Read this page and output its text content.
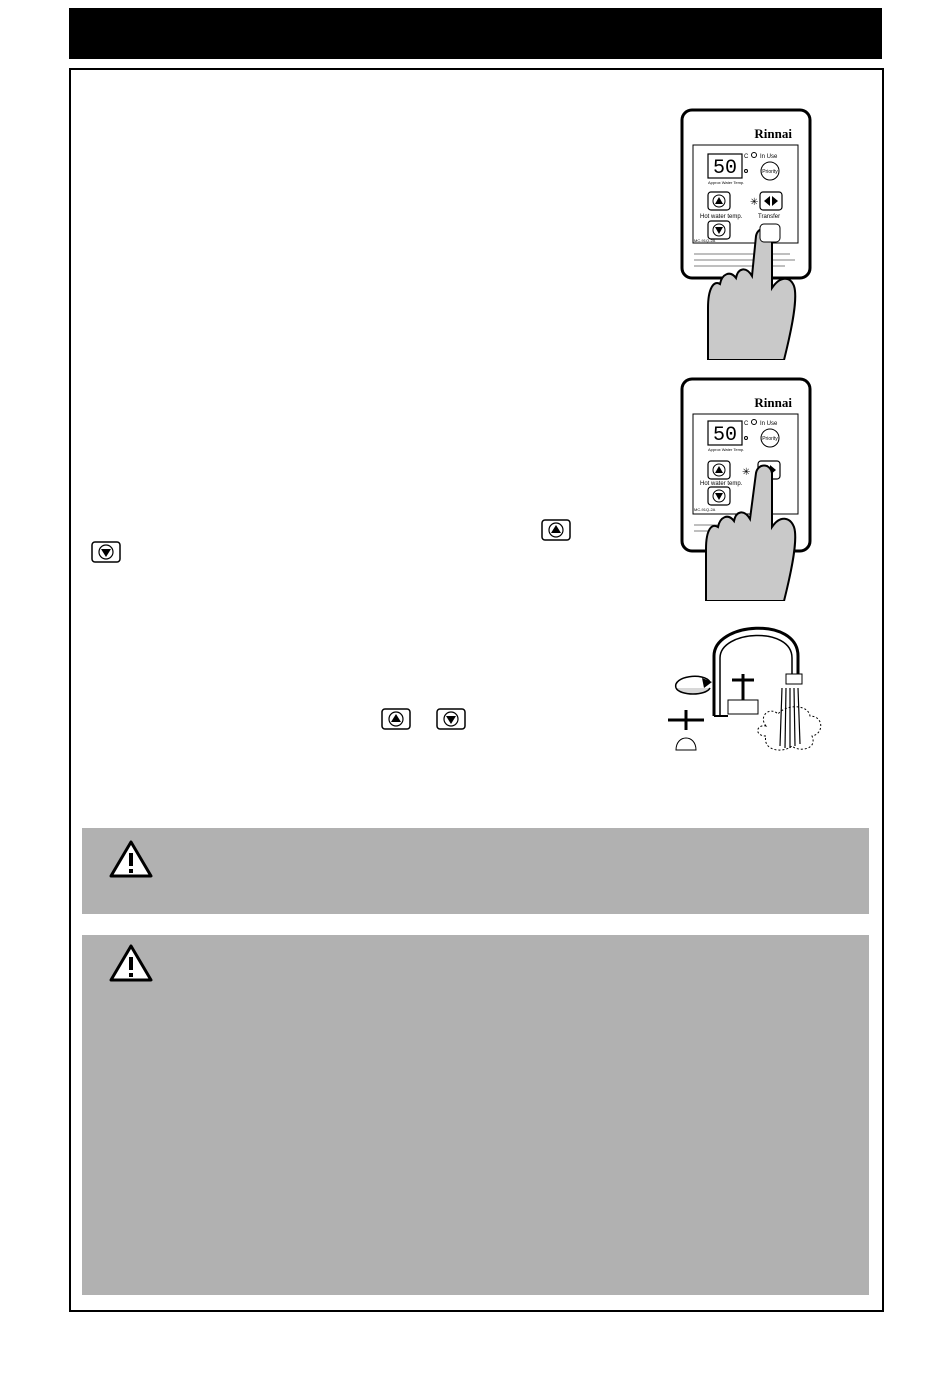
Rinnai
50 C In Use
Priority
Approx Water Temp.
Hot water temp.
✳
Transfer
MC-91Q-2A
Rinnai
50 C In Use
Priority
Approx Water Temp.
Hot water temp.
✳
MC-91Q-2A
